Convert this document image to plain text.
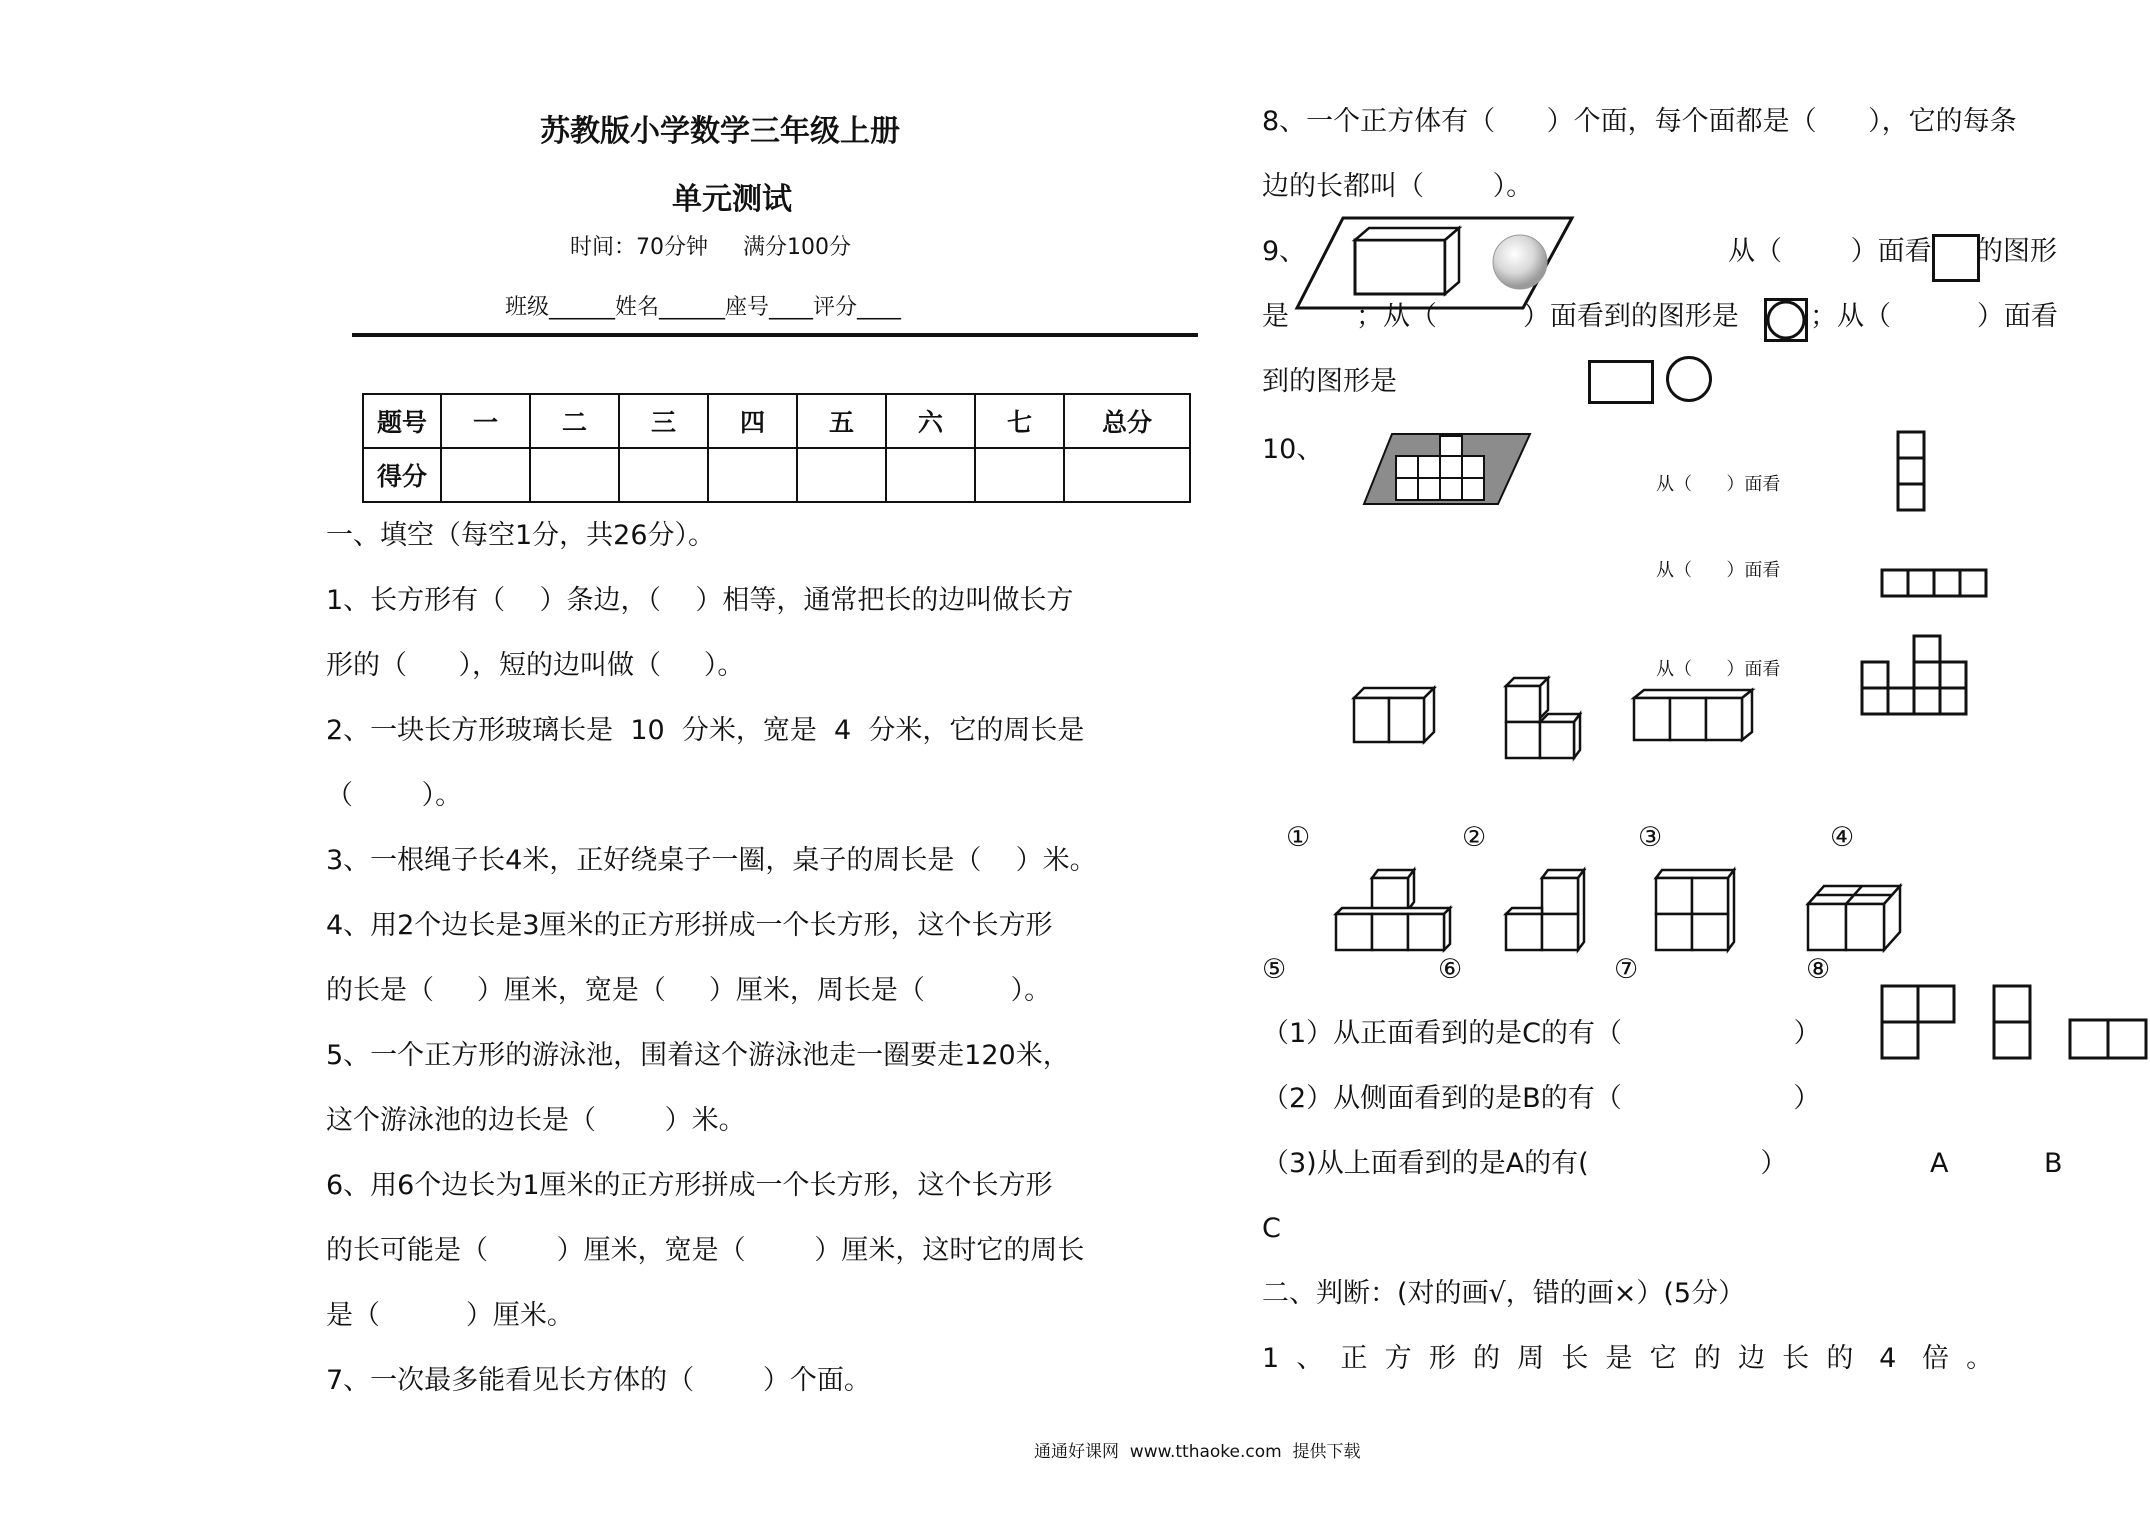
苏教版小学数学三年级上册
单元测试
时间：70分钟     满分100分
班级______姓名______座号____评分____
题号	一	二	三	四	五	六	七	总分
得分								
一、填空（每空1分，共26分）。
1、长方形有（    ）条边，（    ）相等，通常把长的边叫做长方
形的（      ），短的边叫做（     ）。
2、一块长方形玻璃长是  10  分米，宽是  4  分米，它的周长是
（        ）。
3、一根绳子长4米，正好绕桌子一圈，桌子的周长是（    ）米。
4、用2个边长是3厘米的正方形拼成一个长方形，这个长方形
的长是（     ）厘米，宽是（     ）厘米，周长是（          ）。
5、一个正方形的游泳池，围着这个游泳池走一圈要走120米，
这个游泳池的边长是（        ）米。
6、用6个边长为1厘米的正方形拼成一个长方形，这个长方形
的长可能是（        ）厘米，宽是（        ）厘米，这时它的周长
是（          ）厘米。
7、一次最多能看见长方体的（        ）个面。
8、一个正方体有（      ）个面，每个面都是（      ），它的每条
边的长都叫（        ）。
9、	从（        ）面看 的图形
是 ；从（          ）面看到的图形是	；从（          ）面看
到的图形是
10、
从（      ）面看
从（      ）面看
从（      ）面看
①	②	③	④
⑤	⑥	⑦	⑧
（1）从正面看到的是C的有（                    ）
（2）从侧面看到的是B的有（                    ）
（3)从上面看到的是A的有(                    ）	A	B
C
二、判断：(对的画√，错的画×）(5分）
1  、  正  方  形  的  周  长  是  它  的  边  长  的   4   倍  。
通通好课网  www.tthaoke.com  提供下载
